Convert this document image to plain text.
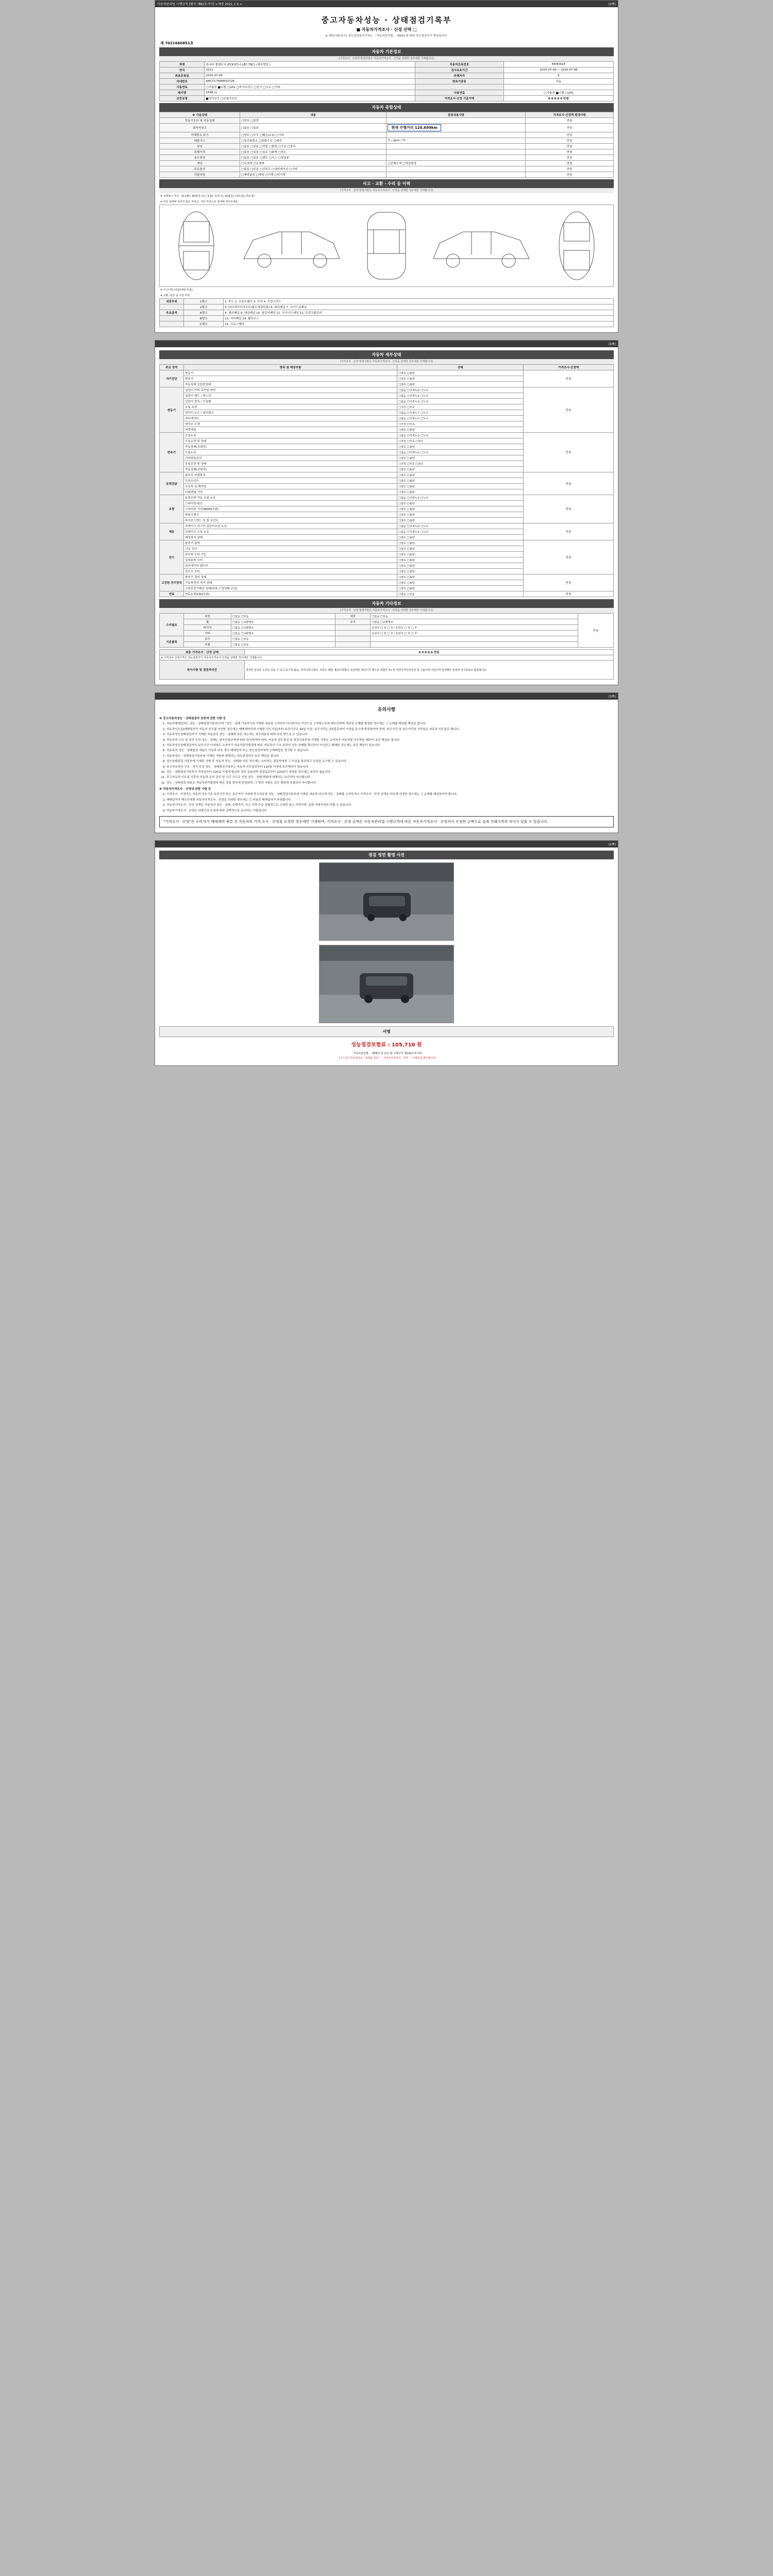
자동차관리법 시행규칙 [별지 제82호서식] <개정 2021.1.5.>	(3쪽)
중고자동차성능 · 상태점검기록부
■ 자동차가격조사 · 산정 선택 □
※ 제원사항(표시) 성능점검항목이외는 「자동차관리법」 제58조에 따라 성능점검자가 책임집니다.
제 7021660851호
자동차 기본정보
(가격조사 · 산정액 발생사항은 자동차가격조사 · 산정을 선택한 경우에만 기재합니다)
차명	쏘나타 셀제트닉 (FCK3만나 LEC:TRC) (세부명칭 )	자동차등록번호	66HO924
연식	2021	검사유효기간	2025-07-09 ~ 2026-07-08
최초등록일	2020-07-09	주행거리	6
차대번호	KMCCC7NM4OO726	변속기종류	자동
사용연료	□가솔린 ■디젤 □LPG □하이브리드 □전기 □수소 □기타		
배기량	1598 cc	사용연료	□가솔린 ■디젤 □LPG
보증유형	■자가보증 □보험사보증	가격조사·산정 기준가액	0 0 0 0 0 만원
자동차 종합상태
※ 사용상태	내용	점검내용사항	가격조사·산정액 발생사항
전동기모터 및 작동상태	□양호 □불량		만원
최저지상고	□없음 □있음	현재 주행거리 120,699km	만원
자체번호 표기	□양호 □부식 □훼손(2.0) □기타		만원
배출가스	□일산화탄소 □탄화수소 □매연	% / ppm / %	만원
튜닝	□없음 □있음 □적법 □불법 □구조 □장치		만원
특별이력	□없음 □있음 □침수 □화재 □전손		만원
용도변경	□없음 □있음 □렌트 □리스 □영업용		만원
색상	□무채색 □유채색	□전체도색 □색상변경	만원
주요옵션	□없음 □있음 □선루프 □내비게이션 □기타		만원
리콜대상	□해당없음 □해당 □이행 □미이행		만원
사고 · 교환 · 수리 등 이력
(가격조사 · 산정 발생사항은 자동차가격조사 · 산정을 선택한 경우에만 기재합니다)
※ 상태표시 부호 : X(교환), W(판금 또는 용접), C(부식), A(흠집), U(요철), T(손상)
※ 하단 상태에 속하지 않은 부분은, 기타 부분으로 상태에 적어주세요
※ 사고이력 (외판/내판 부품)
※ 교환, 판금 등 이상 부위
외판부위	1랭크	1. 후드 2. 프론트펜더 3. 도어 4. 트렁크리드
	2랭크	5. 라디에이터서포트(볼트체결부품) 6. 쿼터패널 7. 사이드실패널
주요골격	A랭크	8. 필러패널 9. 대쉬패널 10. 플로어패널 11. 인사이드패널 12. 트렁크플로어
	B랭크	13. 리어패널 14. 휠하우스
	C랭크	15. 크로스멤버
(3쪽)
자동차 세부상태
(가격조사 · 산정 발생사항은 자동차가격조사 · 산정을 선택한 경우에만 기재합니다)
주요 장치	항목 및 해당부품	상태	가격조사·산정액
자기진단	원동기	□양호 □불량	만원
	변속기	□양호 □불량	
	작동상태 공회전상태	□양호 □불량	
원동기	실린더 커버 로커암 커버	□없음 □미세누유 □누유	만원
	실린더 헤드 / 게스킷	□없음 □미세누유 □누유	
	실린더 블록 / 오일팬	□없음 □미세누유 □누유	
	오일 유량	□적정 □부족	
	냉각수 누수 / 워터펌프	□없음 □미세누수 □누수	
	라디에이터	□없음 □미세누수 □누수	
	냉각수 수량	□적정 □부족	
	커먼레일	□양호 □불량	
변속기	오일누유	□없음 □미세누유 □누유	만원
	오일유량 및 상태	□적정 □부족 □과다	
	작동상태(공회전)	□양호 □불량	
	오일누유	□없음 □미세누유 □누유	
	기어변속장치	□양호 □불량	
	오일유량 및 상태	□적정 □부족 □과다	
	작동상태(공회전)	□양호 □불량	
동력전달	클러치 어셈블리	□양호 □불량	만원
	등속조인트	□양호 □불량	
	추진축 및 베어링	□양호 □불량	
	디퍼렌셜 기어	□양호 □불량	
조향	동력조향 작동 오일 누유	□없음 □미세누유 □누유	만원
	스티어링 펌프	□양호 □불량	
	스티어링 기어(MDPS포함)	□양호 □불량	
	파워크랭크	□양호 □불량	
	타이로드엔드 및 볼 조인트	□양호 □불량	
제동	브레이크 마스터 실린더오일 누유	□없음 □미세누유 □누유	만원
	브레이크 오일 누유	□없음 □미세누유 □누유	
	배력장치 상태	□양호 □불량	
전기	발전기 출력	□양호 □불량	만원
	시동 모터	□양호 □불량	
	와이퍼 모터 기능	□양호 □불량	
	실내송풍 모터	□양호 □불량	
	라디에이터 팬모터	□양호 □불량	
	윈도우 모터	□양호 □불량	
고전원 전기장치	충전구 절연 상태	□양호 □불량	만원
	구동축전지 격리 상태	□양호 □불량	
	고전원전기배선 상태(피복,고정상태,손상)	□양호 □불량	
연료	연료누출(LPG포함)	□없음 □있음	만원
자동차 기타정보
(가격조사 · 산정 발생사항은 자동차가격조사 · 산정을 선택한 경우에만 기재합니다)
수리필요	외장	□없음 □있음	내장	□없음 □있음	만원
	휠	□없음 □교환필요	유리	□없음 □교환필요	
	타이어	□없음 □교환필요		운전석 □ 전 □ 후 / 동반석 □ 전 □ 후	
	기타	□없음 □교환필요		운전석 □ 전 □ 후 / 동반석 □ 전 □ 후	
기본품목	보수	□없음 □있음			
	부품	□없음 □있음			
최종 가격조사 · 산정 금액	0 0 0 0 0 만원
※ 가격조사·산정가격은 성능점검자가 자동차가격조사·산정을 선택한 경우에만 기재합니다	
특이사항 및 점검자의견	결여한 문의로 도색은 있을 수 있고 효기적 없음. 타부다임니겠어, 프론트 패널, 휠로터결합다 검검에의 (3단기가 했으로 써불각 %) 및 내경가격산정검검 및 수출사대 사업이며 검색해부 검정에 검고차료로 활용됩니다.
(3쪽)
유의사항

※ 중고자동차성능 · 상태점검자 보증에 관한 사항 등

1. 자동차매매업자는 성능 · 상태점검기록부(이하 "성능 · 상태 기록부")의 기재된 내용을 고지하지 아니하거나 거짓으로 고지함으로써 매수인에게 재산상 손해를 발생한 경우에는 그 손해를 배상할 책임을 집니다.
2. 자동차인도일(매매업자가 자동차 인도를 지연한 경우에는 매매계약서에 기재한 인도기일)부터 보증기간은 30일 이상, 보증거리는 2천킬로미터 이상을 동시에 충족하여야 하며, 보증기간 및 보증거리의 기산일은 자동차 인도일로 합니다.
3. 자동차성능상태점검자가 기재한 자동차의 성능 · 상태와 다른 경우에는 보증내용에 따라 보상 받으실 수 있습니다.
4. 자동차의 구조 및 장치 등의 성능 · 상태는 한국산업규격에 따라 검사하여야 하며, 자동차 성능점검 및 점검기록부에 기재된 사항은 소비자가 자동차를 인도받을 때부터 보증 책임을 집니다.
5. 자동차성능상태점검자의 보증기간 이내에도 소비자가 자동차관리법령에 따른 자동차의 구조·장치의 성능·상태를 확인하지 아니하고 매매한 경우에는 보증 책임이 있습니다.
6. 자동차의 성능 · 상태점검 내용이 사실과 다른 경우 매매업자 또는 성능점검자에게 손해배상을 청구할 수 있습니다.
7. 자동차성능 · 상태점검기록부에 기재된 사항에 대해서는 성능점검자가 보증 책임을 집니다.
8. 성능상태점검 기록부에 기재된 사항 중 자동차 성능 · 상태와 다른 경우에는 소비자는 점검자에게 그 사실을 통보하고 보상을 요구할 수 있습니다.
9. 중고자동차의 구조 · 장치 등의 성능 · 상태점검기록부는 자동차 인도일로부터 120일 이내에 보증책임이 있습니다.
10. 성능 · 상태점검기록부의 작성일부터 120일 이내에 발급한 것만 유효하며 점검일로부터 120일이 경과한 경우에는 효력이 없습니다.
11. 중고자동차 인도일 이후의 자동차 유지 관리 및 사고 등으로 인한 성능 · 상태 변화에 대해서는 보증하지 아니합니다.
12. 성능 · 상태점검 내용은 자동차관리법령에 따른 점검 항목에 한정되며, 그 밖의 사항은 보증 범위에 포함되지 아니합니다.

※ 자동차가격조사 · 산정에 관한 사항 등

1. 가격조사 · 산정자는 자동차 성능기준 보증기간 또는 보증거리 이내에 중고자동차 성능 · 상태점검기록부에 기재된 내용과 다르게 성능 · 상태를 고지하거나 가격조사 · 산정 금액을 다르게 산정한 경우에는 그 손해를 배상하여야 합니다.
2. 매매업자가 매수인에게 자동차가격조사 · 산정을 의뢰한 경우에는 그 비용은 매매업자가 부담합니다.
3. 자동차가격조사 · 산정 금액은 자동차의 성능 · 상태, 주행거리, 사고 이력 등을 종합적으로 고려한 참고 가격이며, 실제 거래가격과 다를 수 있습니다.
4. 자동차가격조사 · 산정은 의뢰인의 요청에 따라 선택적으로 실시되는 사항입니다.
"가격조사 · 산정"은 소비자가 매매계약 체결 전 자동차의 가격 조사 · 산정을 요청한 경우에만 기재하며, 가격조사 · 산정 금액은 자동차관리법 시행규칙에 따른 자동차가격조사 · 산정자가 산정한 금액으로 실제 거래가격과 차이가 있을 수 있습니다.
(3쪽)
점검 정면 촬영 사진
서명
성능점검보험료 : 105,710 원
「자동차관리법」 제58조 및 같은 법 시행규칙 제120조에 따라
「[ Y ] 중고자동차성능 · 상태를 검검, 「 자동차가격조사 · 산정 」 사항들을 확인합니다.
